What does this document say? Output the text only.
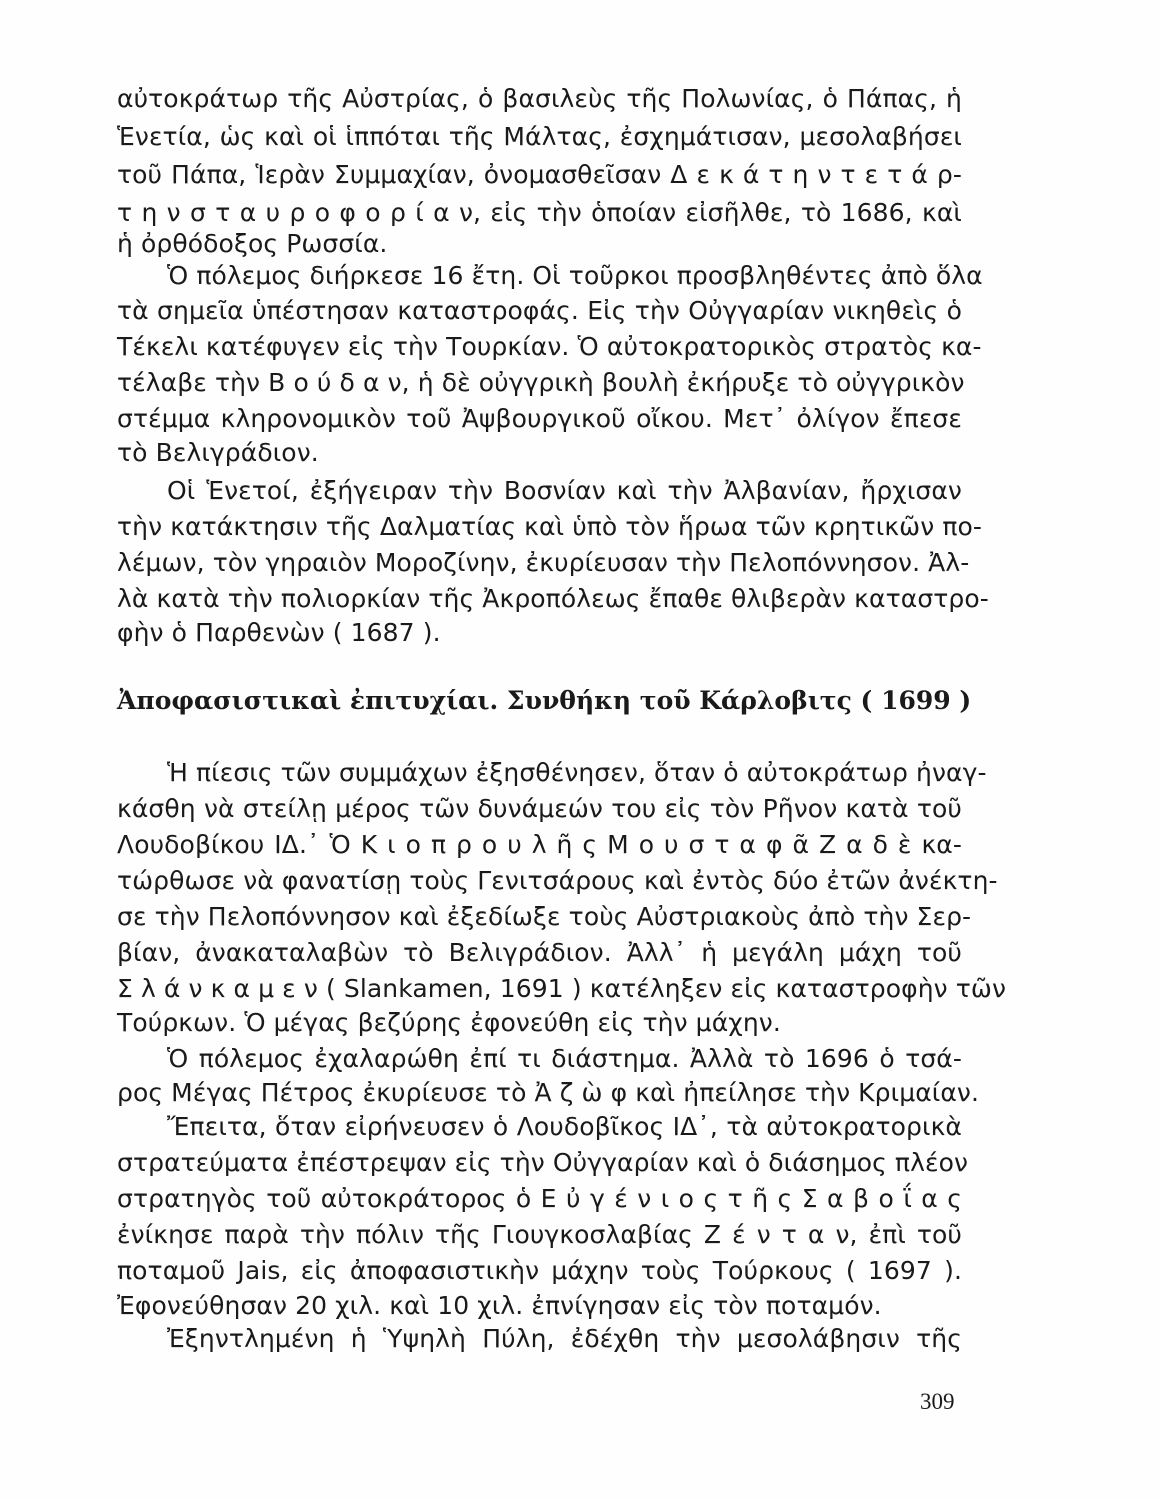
αὐτοκράτωρ τῆς Αὐστρίας, ὁ βασιλεὺς τῆς Πολωνίας, ὁ Πάπας, ἡ
Ἑνετία, ὡς καὶ οἱ ἱππόται τῆς Μάλτας, ἐσχημάτισαν, μεσολαβήσει
τοῦ Πάπα, Ἱερὰν Συμμαχίαν, ὀνομασθεῖσαν Δ ε κ ά τ η ν τ ε τ ά ρ-
τ η ν σ τ α υ ρ ο φ ο ρ ί α ν, εἰς τὴν ὁποίαν εἰσῆλθε, τὸ 1686, καὶ
ἡ ὀρθόδοξος Ρωσσία.
Ὁ πόλεμος διήρκεσε 16 ἔτη. Οἱ τοῦρκοι προσβληθέντες ἀπὸ ὅλα
τὰ σημεῖα ὑπέστησαν καταστροφάς. Εἰς τὴν Οὐγγαρίαν νικηθεὶς ὁ
Τέκελι κατέφυγεν εἰς τὴν Τουρκίαν. Ὁ αὐτοκρατορικὸς στρατὸς κα-
τέλαβε τὴν Β ο ύ δ α ν, ἡ δὲ οὐγγρικὴ βουλὴ ἐκήρυξε τὸ οὐγγρικὸν
στέμμα κληρονομικὸν τοῦ Ἀψβουργικοῦ οἴκου. Μετ᾽ ὀλίγον ἔπεσε
τὸ Βελιγράδιον.
Οἱ Ἑνετοί, ἐξήγειραν τὴν Βοσνίαν καὶ τὴν Ἀλβανίαν, ἤρχισαν
τὴν κατάκτησιν τῆς Δαλματίας καὶ ὑπὸ τὸν ἥρωα τῶν κρητικῶν πο-
λέμων, τὸν γηραιὸν Μοροζίνην, ἐκυρίευσαν τὴν Πελοπόννησον. Ἀλ-
λὰ κατὰ τὴν πολιορκίαν τῆς Ἀκροπόλεως ἔπαθε θλιβερὰν καταστρο-
φὴν ὁ Παρθενὼν ( 1687 ).
Ἀποφασιστικαὶ ἐπιτυχίαι. Συνθήκη τοῦ Κάρλοβιτς ( 1699 )
Ἡ πίεσις τῶν συμμάχων ἐξησθένησεν, ὅταν ὁ αὐτοκράτωρ ἠναγ-
κάσθη νὰ στείλῃ μέρος τῶν δυνάμεών του εἰς τὸν Ρῆνον κατὰ τοῦ
Λουδοβίκου ΙΔ.᾽ Ὁ Κ ι ο π ρ ο υ λ ῆ ς Μ ο υ σ τ α φ ᾶ Ζ α δ ὲ κα-
τώρθωσε νὰ φανατίσῃ τοὺς Γενιτσάρους καὶ ἐντὸς δύο ἐτῶν ἀνέκτη-
σε τὴν Πελοπόννησον καὶ ἐξεδίωξε τοὺς Αὐστριακοὺς ἀπὸ τὴν Σερ-
βίαν, ἀνακαταλαβὼν τὸ Βελιγράδιον. Ἀλλ᾽ ἡ μεγάλη μάχη τοῦ
Σ λ ά ν κ α μ ε ν ( Slankamen, 1691 ) κατέληξεν εἰς καταστροφὴν τῶν
Τούρκων. Ὁ μέγας βεζύρης ἐφονεύθη εἰς τὴν μάχην.
Ὁ πόλεμος ἐχαλαρώθη ἐπί τι διάστημα. Ἀλλὰ τὸ 1696 ὁ τσά-
ρος Μέγας Πέτρος ἐκυρίευσε τὸ Ἀ ζ ὼ φ καὶ ἠπείλησε τὴν Κριμαίαν.
Ἔπειτα, ὅταν εἰρήνευσεν ὁ Λουδοβῖκος ΙΔ᾽, τὰ αὐτοκρατορικὰ
στρατεύματα ἐπέστρεψαν εἰς τὴν Οὐγγαρίαν καὶ ὁ διάσημος πλέον
στρατηγὸς τοῦ αὐτοκράτορος ὁ Ε ὐ γ έ ν ι ο ς τ ῆ ς Σ α β ο ΐ α ς
ἐνίκησε παρὰ τὴν πόλιν τῆς Γιουγκοσλαβίας Ζ έ ν τ α ν, ἐπὶ τοῦ
ποταμοῦ Jais, εἰς ἀποφασιστικὴν μάχην τοὺς Τούρκους ( 1697 ).
Ἐφονεύθησαν 20 χιλ. καὶ 10 χιλ. ἐπνίγησαν εἰς τὸν ποταμόν.
Ἐξηντλημένη ἡ Ὑψηλὴ Πύλη, ἐδέχθη τὴν μεσολάβησιν τῆς
309
